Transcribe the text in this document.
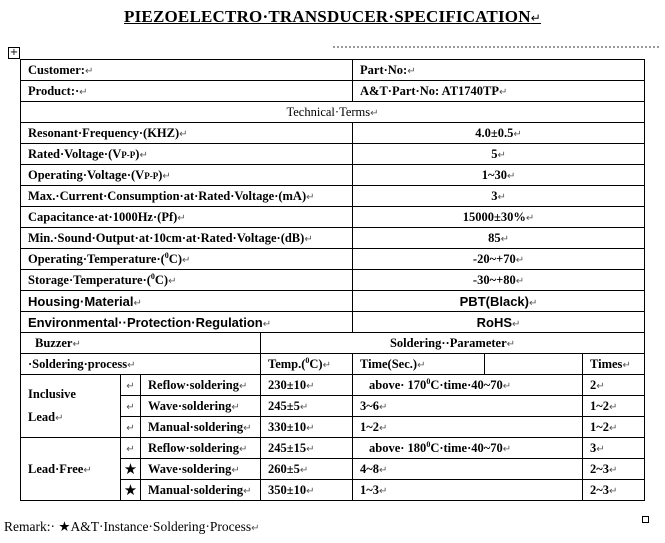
PIEZOELECTRO·TRANSDUCER·SPECIFICATION↵
+
Customer:↵				Part·No:↵		
Product:·↵				A&T·Part·No: AT1740TP↵		
Technical·Terms↵						
Resonant·Frequency·(KHZ)↵				4.0±0.5↵		
Rated·Voltage·(VP-P)↵				5↵		
Operating·Voltage·(VP-P)↵				1~30↵		
Max.·Current·Consumption·at·Rated·Voltage·(mA)↵				3↵		
Capacitance·at·1000Hz·(Pf)↵				15000±30%↵		
Min.·Sound·Output·at·10cm·at·Rated·Voltage·(dB)↵				85↵		
Operating·Temperature·($^0$C)↵				-20~+70↵		
Storage·Temperature·($^0$C)↵				-30~+80↵		
Housing·Material↵				PBT(Black)↵		
Environmental··Protection·Regulation↵				RoHS↵		
Buzzer↵			Soldering··Parameter↵			
·Soldering·process↵			Temp.($^0$C)↵	Time(Sec.)↵		Times↵
Inclusive
Lead↵	↵	Reflow·soldering↵	230±10↵	above· $170^0C\cdot time\cdot 40\sim 70↵$		2↵
	↵	Wave·soldering↵	245±5↵	3~6↵		1~2↵
	↵	Manual·soldering↵	330±10↵	1~2↵		1~2↵
Lead·Free↵	↵	Reflow·soldering↵	245±15↵	above· $180^0C\cdot time\cdot 40\sim 70↵$		3↵
	★	Wave·soldering↵	260±5↵	4~8↵		2~3↵
	★	Manual·soldering↵	350±10↵	1~3↵		2~3↵
Remark:· ★A&T·Instance·Soldering·Process↵
